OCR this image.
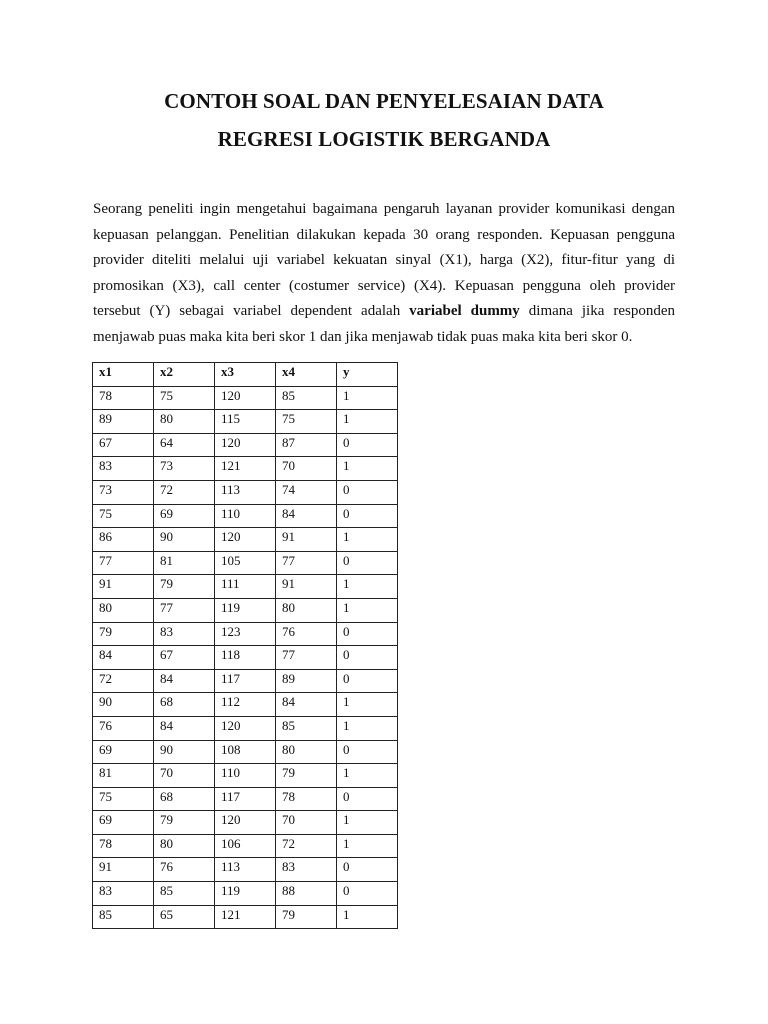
CONTOH SOAL DAN PENYELESAIAN DATA
REGRESI LOGISTIK BERGANDA
Seorang peneliti ingin mengetahui bagaimana pengaruh layanan provider komunikasi dengan kepuasan pelanggan. Penelitian dilakukan kepada 30 orang responden. Kepuasan pengguna provider diteliti melalui uji variabel kekuatan sinyal (X1), harga (X2), fitur-fitur yang di promosikan (X3), call center (costumer service) (X4). Kepuasan pengguna oleh provider tersebut (Y) sebagai variabel dependent adalah variabel dummy dimana jika responden menjawab puas maka kita beri skor 1 dan jika menjawab tidak puas maka kita beri skor 0.
x1	x2	x3	x4	y
78	75	120	85	1
89	80	115	75	1
67	64	120	87	0
83	73	121	70	1
73	72	113	74	0
75	69	110	84	0
86	90	120	91	1
77	81	105	77	0
91	79	111	91	1
80	77	119	80	1
79	83	123	76	0
84	67	118	77	0
72	84	117	89	0
90	68	112	84	1
76	84	120	85	1
69	90	108	80	0
81	70	110	79	1
75	68	117	78	0
69	79	120	70	1
78	80	106	72	1
91	76	113	83	0
83	85	119	88	0
85	65	121	79	1
